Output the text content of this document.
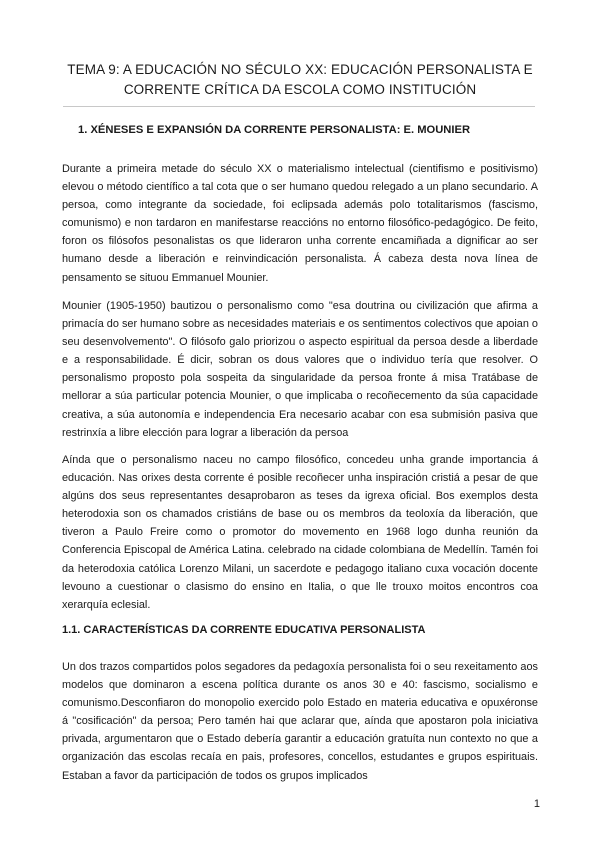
TEMA 9: A EDUCACIÓN NO SÉCULO XX: EDUCACIÓN PERSONALISTA E CORRENTE CRÍTICA DA ESCOLA COMO INSTITUCIÓN
1. XÉNESES E EXPANSIÓN DA CORRENTE PERSONALISTA: E. MOUNIER

Durante a primeira metade do século XX o materialismo intelectual (cientifismo e positivismo) elevou o método científico a tal cota que o ser humano quedou relegado a un plano secundario. A persoa, como integrante da sociedade, foi eclipsada además polo totalitarismos (fascismo, comunismo) e non tardaron en manifestarse reaccións no entorno filosófico-pedagógico. De feito, foron os filósofos pesonalistas os que lideraron unha corrente encamiñada a dignificar ao ser humano desde a liberación e reinvindicación personalista. Á cabeza desta nova línea de pensamento se situou Emmanuel Mounier.

Mounier (1905-1950) bautizou o personalismo como "esa doutrina ou civilización que afirma a primacía do ser humano sobre as necesidades materiais e os sentimentos colectivos que apoian o seu desenvolvemento". O filósofo galo priorizou o aspecto espiritual da persoa desde a liberdade e a responsabilidade. É dicir, sobran os dous valores que o individuo tería que resolver. O personalismo proposto pola sospeita da singularidade da persoa fronte á misa Tratábase de mellorar a súa particular potencia Mounier, o que implicaba o recoñecemento da súa capacidade creativa, a súa autonomía e independencia Era necesario acabar con esa submisión pasiva que restrinxía a libre elección para lograr a liberación da persoa

Aínda que o personalismo naceu no campo filosófico, concedeu unha grande importancia á educación. Nas orixes desta corrente é posible recoñecer unha inspiración cristiá a pesar de que algúns dos seus representantes desaprobaron as teses da igrexa oficial. Bos exemplos desta heterodoxia son os chamados cristiáns de base ou os membros da teoloxía da liberación, que tiveron a Paulo Freire como o promotor do movemento en 1968 logo dunha reunión da Conferencia Episcopal de América Latina. celebrado na cidade colombiana de Medellín. Tamén foi da heterodoxia católica Lorenzo Milani, un sacerdote e pedagogo italiano cuxa vocación docente levouno a cuestionar o clasismo do ensino en Italia, o que lle trouxo moitos encontros coa xerarquía eclesial.

1.1. CARACTERÍSTICAS DA CORRENTE EDUCATIVA PERSONALISTA

Un dos trazos compartidos polos segadores da pedagoxía personalista foi o seu rexeitamento aos modelos que dominaron a escena política durante os anos 30 e 40: fascismo, socialismo e comunismo.Desconfiaron do monopolio exercido polo Estado en materia educativa e opuxéronse á "cosificación" da persoa; Pero tamén hai que aclarar que, aínda que apostaron pola iniciativa privada, argumentaron que o Estado debería garantir a educación gratuíta nun contexto no que a organización das escolas recaía en pais, profesores, concellos, estudantes e grupos espirituais. Estaban a favor da participación de todos os grupos implicados

1
